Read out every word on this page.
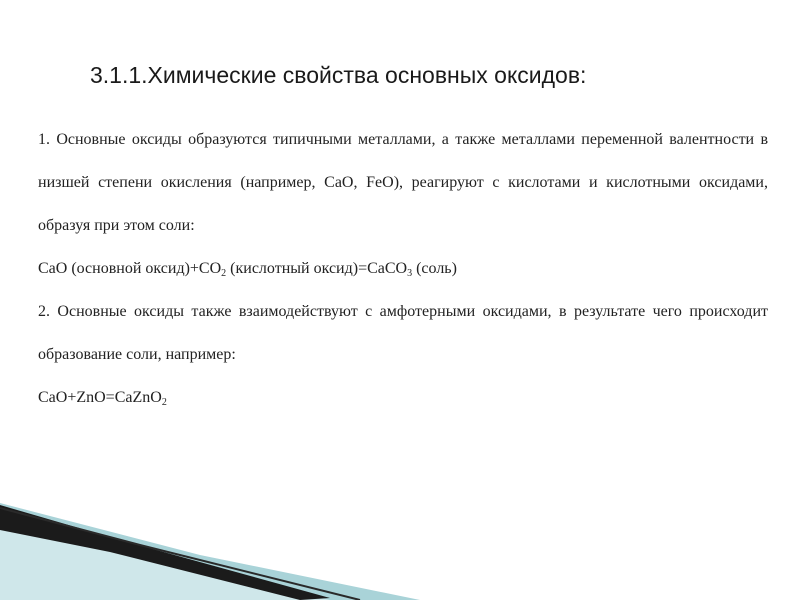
3.1.1.Химические свойства основных оксидов:

1. Основные оксиды образуются типичными металлами, а также металлами переменной валентности в низшей степени окисления (например, CaO, FeO), реагируют с кислотами и кислотными оксидами, образуя при этом соли:

CaO (основной $оксид)+CO_2$ (кислотный оксид)=CaCO$_3$ (соль)

2. Основные оксиды также взаимодействуют с амфотерными оксидами, в результате чего происходит образование соли, например:

CaO+ZnO=CaZnO$_2$
